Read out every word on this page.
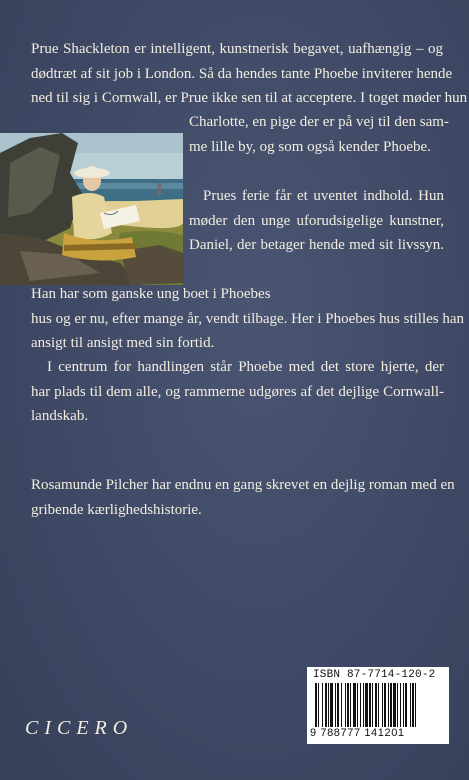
Prue Shackleton er intelligent, kunstnerisk begavet, uafhængig – og
dødtræt af sit job i London. Så da hendes tante Phoebe inviterer hende
ned til sig i Cornwall, er Prue ikke sen til at acceptere. I toget møder hun

Charlotte, en pige der er på vej til den sam-
me lille by, og som også kender Phoebe.

Prues ferie får et uventet indhold. Hun
møder den unge uforudsigelige kunstner,
Daniel, der betager hende med sit livssyn.

Han har som ganske ung boet i Phoebes
hus og er nu, efter mange år, vendt tilbage. Her i Phoebes hus stilles han
ansigt til ansigt med sin fortid.

I centrum for handlingen står Phoebe med det store hjerte, der
har plads til dem alle, og rammerne udgøres af det dejlige Cornwall-
landskab.

Rosamunde Pilcher har endnu en gang skrevet en dejlig roman med en
gribende kærlighedshistorie.

CICERO
ISBN 87-7714-120-2
9 788777 141201
